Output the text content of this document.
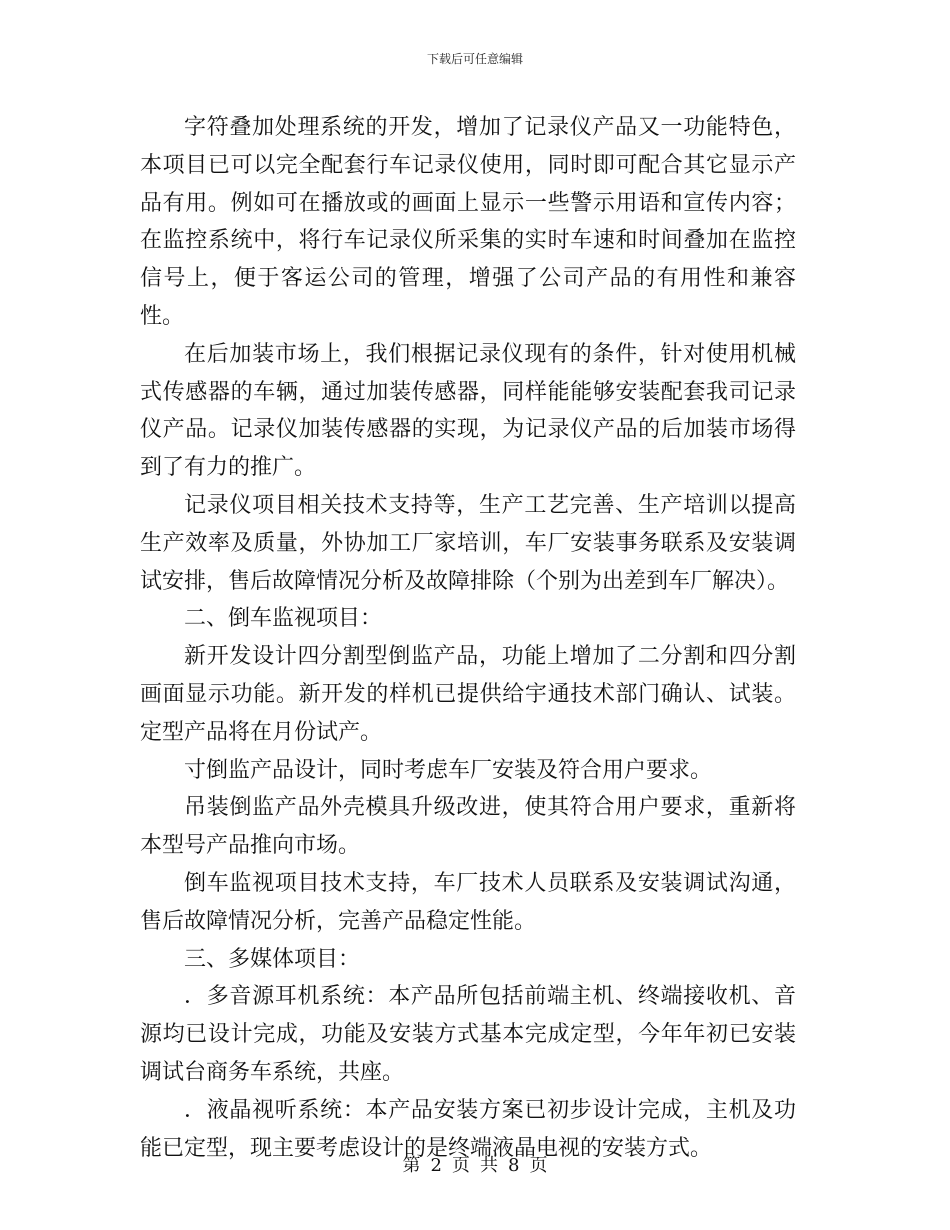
下载后可任意编辑

字符叠加处理系统的开发，增加了记录仪产品又一功能特色，本项目已可以完全配套行车记录仪使用，同时即可配合其它显示产品有用。例如可在播放或的画面上显示一些警示用语和宣传内容；在监控系统中，将行车记录仪所采集的实时车速和时间叠加在监控信号上，便于客运公司的管理，增强了公司产品的有用性和兼容性。

在后加装市场上，我们根据记录仪现有的条件，针对使用机械式传感器的车辆，通过加装传感器，同样能能够安装配套我司记录仪产品。记录仪加装传感器的实现，为记录仪产品的后加装市场得到了有力的推广。

记录仪项目相关技术支持等，生产工艺完善、生产培训以提高生产效率及质量，外协加工厂家培训，车厂安装事务联系及安装调试安排，售后故障情况分析及故障排除（个别为出差到车厂解决）。

二、倒车监视项目：

新开发设计四分割型倒监产品，功能上增加了二分割和四分割画面显示功能。新开发的样机已提供给宇通技术部门确认、试装。定型产品将在月份试产。

寸倒监产品设计，同时考虑车厂安装及符合用户要求。

吊装倒监产品外壳模具升级改进，使其符合用户要求，重新将本型号产品推向市场。

倒车监视项目技术支持，车厂技术人员联系及安装调试沟通，售后故障情况分析，完善产品稳定性能。

三、多媒体项目：

．多音源耳机系统：本产品所包括前端主机、终端接收机、音源均已设计完成，功能及安装方式基本完成定型，今年年初已安装调试台商务车系统，共座。

．液晶视听系统：本产品安装方案已初步设计完成，主机及功能已定型，现主要考虑设计的是终端液晶电视的安装方式。

第 2 页 共 8 页
